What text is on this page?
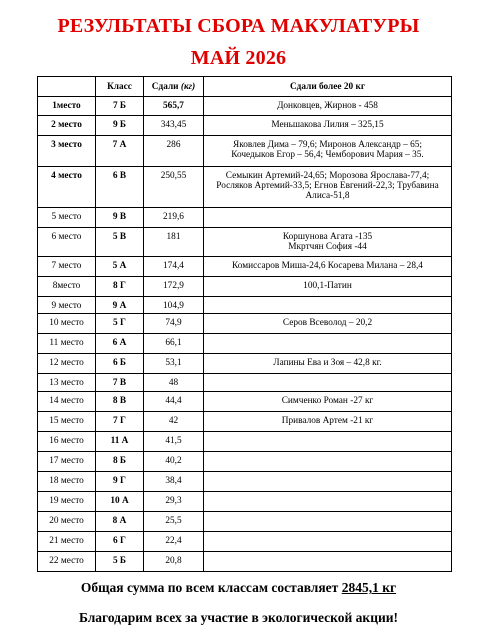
РЕЗУЛЬТАТЫ СБОРА МАКУЛАТУРЫ
МАЙ 2026
	Класс	Сдали (кг)	Сдали более 20 кг
1место	7 Б	565,7	Донковцев, Жирнов - 458
2 место	9 Б	343,45	Меньшакова Лилия – 325,15
3 место	7 А	286	Яковлев Дима – 79,6; Миронов Александр – 65;
Кочедыков Егор – 56,4; Чемборович Мария – 35.
4 место	6 В	250,55	Семыкин Артемий-24,65; Морозова Ярослава-77,4;
Росляков Артемий-33,5; Егнов Евгений-22,3; Трубавина
Алиса-51,8
5 место	9 В	219,6	
6 место	5 В	181	Коршунова Агата -135
Мкртчян София -44
7 место	5 А	174,4	Комиссаров Миша-24,6 Косарева Милана – 28,4
8место	8 Г	172,9	100,1-Патин
9 место	9 А	104,9	
10 место	5 Г	74,9	Серов Всеволод – 20,2
11 место	6 А	66,1	
12 место	6 Б	53,1	Лапины Ева и Зоя – 42,8 кг.
13 место	7 В	48	
14 место	8 В	44,4	Симченко Роман -27 кг
15 место	7 Г	42	Привалов Артем -21 кг
16 место	11 А	41,5	
17 место	8 Б	40,2	
18 место	9 Г	38,4	
19 место	10 А	29,3	
20 место	8 А	25,5	
21 место	6 Г	22,4	
22 место	5 Б	20,8	
Общая сумма по всем классам составляет 2845,1 кг
Благодарим всех за участие в экологической акции!
